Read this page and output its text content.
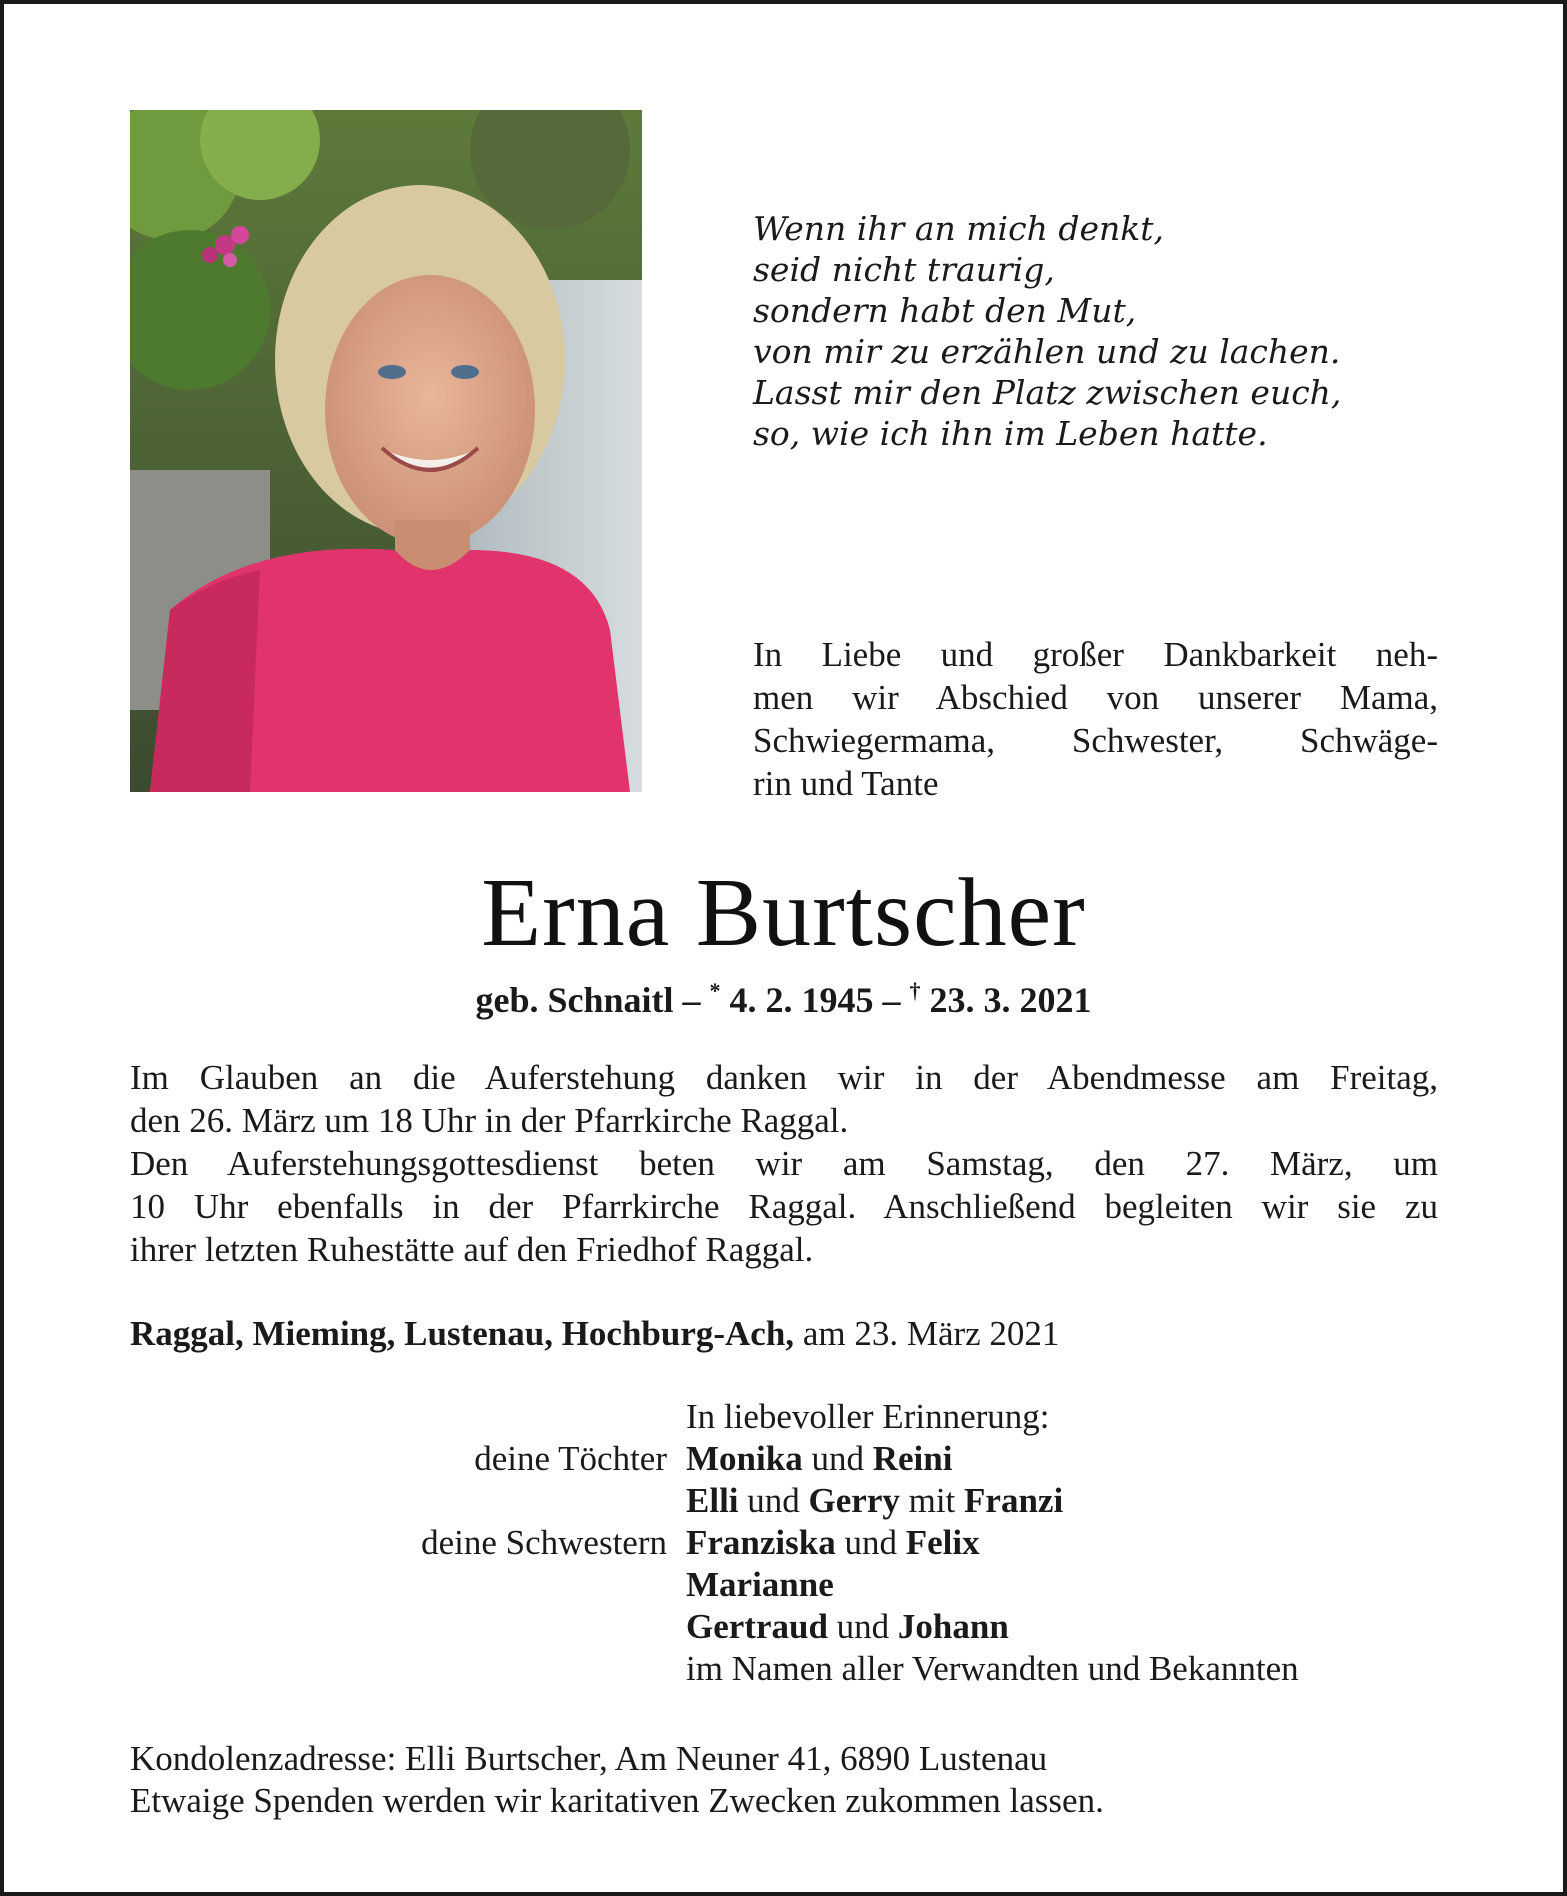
Wenn ihr an mich denkt,
seid nicht traurig,
sondern habt den Mut,
von mir zu erzählen und zu lachen.
Lasst mir den Platz zwischen euch,
so, wie ich ihn im Leben hatte.
In Liebe und großer Dankbarkeit neh-
men wir Abschied von unserer Mama,
Schwiegermama, Schwester, Schwäge-
rin und Tante
Erna Burtscher
geb. Schnaitl – * 4. 2. 1945 – † 23. 3. 2021
Im Glauben an die Auferstehung danken wir in der Abendmesse am Freitag,
den 26. März um 18 Uhr in der Pfarrkirche Raggal.
Den Auferstehungsgottesdienst beten wir am Samstag, den 27. März, um
10 Uhr ebenfalls in der Pfarrkirche Raggal. Anschließend begleiten wir sie zu
ihrer letzten Ruhestätte auf den Friedhof Raggal.
Raggal, Mieming, Lustenau, Hochburg-Ach, am 23. März 2021
In liebevoller Erinnerung:
deine Töchter Monika und Reini
Elli und Gerry mit Franzi
deine Schwestern Franziska und Felix
Marianne
Gertraud und Johann
im Namen aller Verwandten und Bekannten
Kondolenzadresse: Elli Burtscher, Am Neuner 41, 6890 Lustenau
Etwaige Spenden werden wir karitativen Zwecken zukommen lassen.
